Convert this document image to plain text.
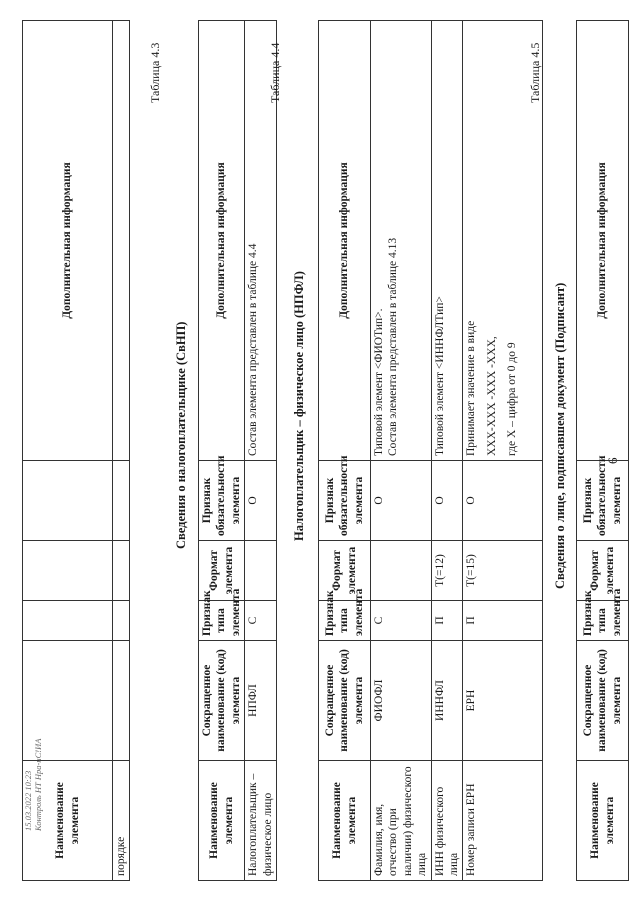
6
Наименование элемента					Дополнительная информация
порядке					
Таблица 4.3
Сведения о налогоплательщике (СвНП)
Наименование элемента	Сокращенное наименование (код) элемента	Признак типа элемента	Формат элемента	Признак обязательности элемента	Дополнительная информация
Налогоплательщик – физическое лицо	НПФЛ	С		О	Состав элемента представлен в таблице 4.4
Таблица 4.4
Налогоплательщик – физическое лицо (НПФЛ)
Наименование элемента	Сокращенное наименование (код) элемента	Признак типа элемента	Формат элемента	Признак обязательности элемента	Дополнительная информация
Фамилия, имя, отчество (при наличии) физического лица	ФИОФЛ	С		О	Типовой элемент <ФИОТип>. Состав элемента представлен в таблице 4.13

ИНН физического лица	ИННФЛ	П	T(=12)	О	Типовой элемент <ИННФЛТип>

Номер записи ЕРН	ЕРН	П	T(=15)	О	Принимает значение в виде XXX-XXX -XXX -XXX, где X – цифра от 0 до 9
Таблица 4.5
Сведения о лице, подписавшем документ (Подписант)
Наименование элемента	Сокращенное наименование (код) элемента	Признак типа элемента	Формат элемента	Признак обязательности элемента	Дополнительная информация
15.03.2022 10:23 Контроль НТ Нра-нС!ИА
